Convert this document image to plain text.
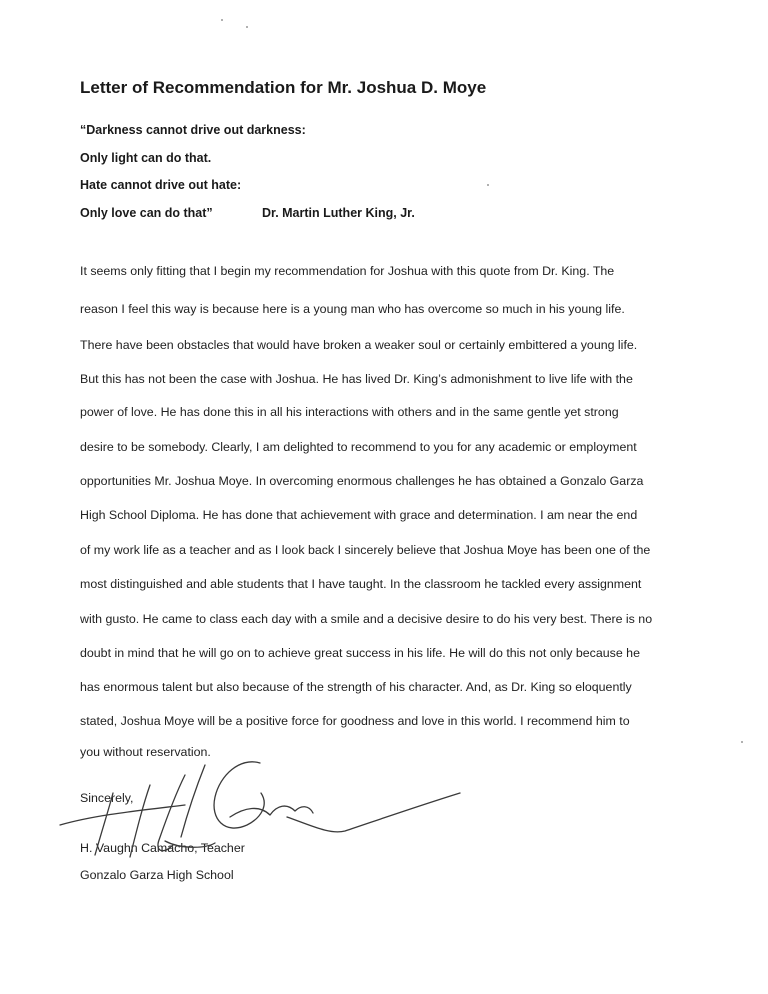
Letter of Recommendation for Mr. Joshua D. Moye

“Darkness cannot drive out darkness:

Only light can do that.

Hate cannot drive out hate:

Only love can do that”	Dr. Martin Luther King, Jr.

It seems only fitting that I begin my recommendation for Joshua with this quote from Dr. King. The

reason I feel this way is because here is a young man who has overcome so much in his young life.

There have been obstacles that would have broken a weaker soul or certainly embittered a young life.

But this has not been the case with Joshua. He has lived Dr. King’s admonishment to live life with the

power of love. He has done this in all his interactions with others and in the same gentle yet strong

desire to be somebody. Clearly, I am delighted to recommend to you for any academic or employment

opportunities Mr. Joshua Moye. In overcoming enormous challenges he has obtained a Gonzalo Garza

High School Diploma. He has done that achievement with grace and determination. I am near the end

of my work life as a teacher and as I look back I sincerely believe that Joshua Moye has been one of the

most distinguished and able students that I have taught. In the classroom he tackled every assignment

with gusto. He came to class each day with a smile and a decisive desire to do his very best. There is no

doubt in mind that he will go on to achieve great success in his life. He will do this not only because he

has enormous talent but also because of the strength of his character. And, as Dr. King so eloquently

stated, Joshua Moye will be a positive force for goodness and love in this world. I recommend him to

you without reservation.

Sincerely,

H. Vaughn Camacho, Teacher

Gonzalo Garza High School
